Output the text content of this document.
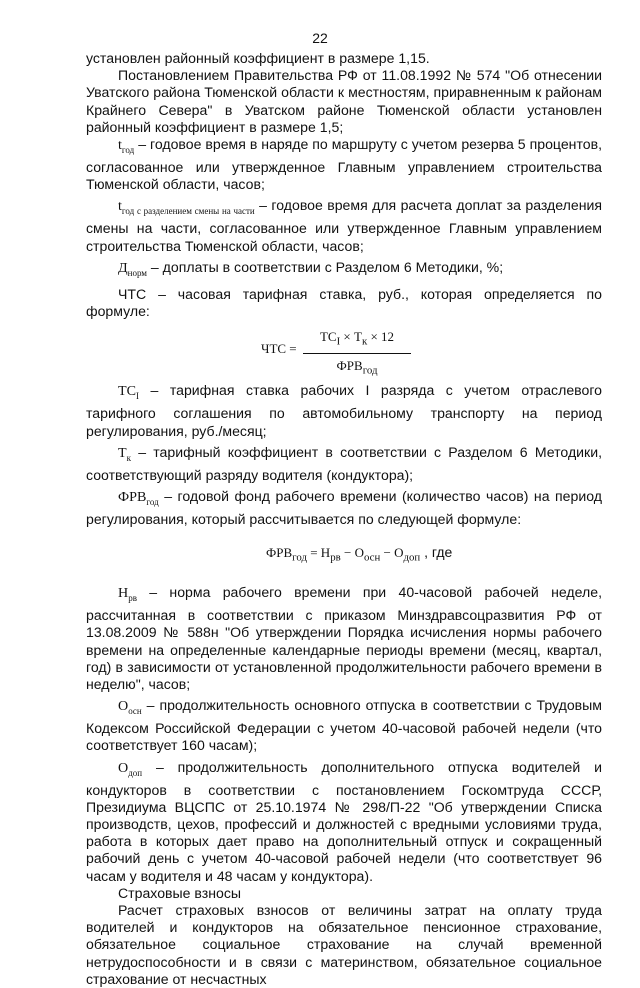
22

установлен районный коэффициент в размере 1,15.

Постановлением Правительства РФ от 11.08.1992 № 574 "Об отнесении Уватского района Тюменской области к местностям, приравненным к районам Крайнего Севера" в Уватском районе Тюменской области установлен районный коэффициент в размере 1,5;

$t_{год}$ – годовое время в наряде по маршруту с учетом резерва 5 процентов, согласованное или утвержденное Главным управлением строительства Тюменской области, часов;

$t_{год с разделением смены на части}$ – годовое время для расчета доплат за разделения смены на части, согласованное или утвержденное Главным управлением строительства Тюменской области, часов;

$Д_{норм}$ – доплаты в соответствии с Разделом 6 Методики, %;

ЧТС – часовая тарифная ставка, руб., которая определяется по формуле:

ЧТС =
$ТС_I \times Т_к \times 12$
$ФРВ_{год}$

$ТС_I$ – тарифная ставка рабочих I разряда с учетом отраслевого тарифного соглашения по автомобильному транспорту на период регулирования, руб./месяц;

$Т_к$ – тарифный коэффициент в соответствии с Разделом 6 Методики, соответствующий разряду водителя (кондуктора);

$ФРВ_{год}$ – годовой фонд рабочего времени (количество часов) на период регулирования, который рассчитывается по следующей формуле:

$ФРВ_{год} = Н_{рв} - О_{осн} - О_{доп}$ , где

$Н_{рв}$ – норма рабочего времени при 40-часовой рабочей неделе, рассчитанная в соответствии с приказом Минздравсоцразвития РФ от 13.08.2009 № 588н "Об утверждении Порядка исчисления нормы рабочего времени на определенные календарные периоды времени (месяц, квартал, год) в зависимости от установленной продолжительности рабочего времени в неделю", часов;

$О_{осн}$ – продолжительность основного отпуска в соответствии с Трудовым Кодексом Российской Федерации с учетом 40-часовой рабочей недели (что соответствует 160 часам);

$О_{доп}$ – продолжительность дополнительного отпуска водителей и кондукторов в соответствии с постановлением Госкомтруда СССР, Президиума ВЦСПС от 25.10.1974 № 298/П-22 "Об утверждении Списка производств, цехов, профессий и должностей с вредными условиями труда, работа в которых дает право на дополнительный отпуск и сокращенный рабочий день с учетом 40-часовой рабочей недели (что соответствует 96 часам у водителя и 48 часам у кондуктора).

Страховые взносы

Расчет страховых взносов от величины затрат на оплату труда водителей и кондукторов на обязательное пенсионное страхование, обязательное социальное страхование на случай временной нетрудоспособности и в связи с материнством, обязательное социальное страхование от несчастных
